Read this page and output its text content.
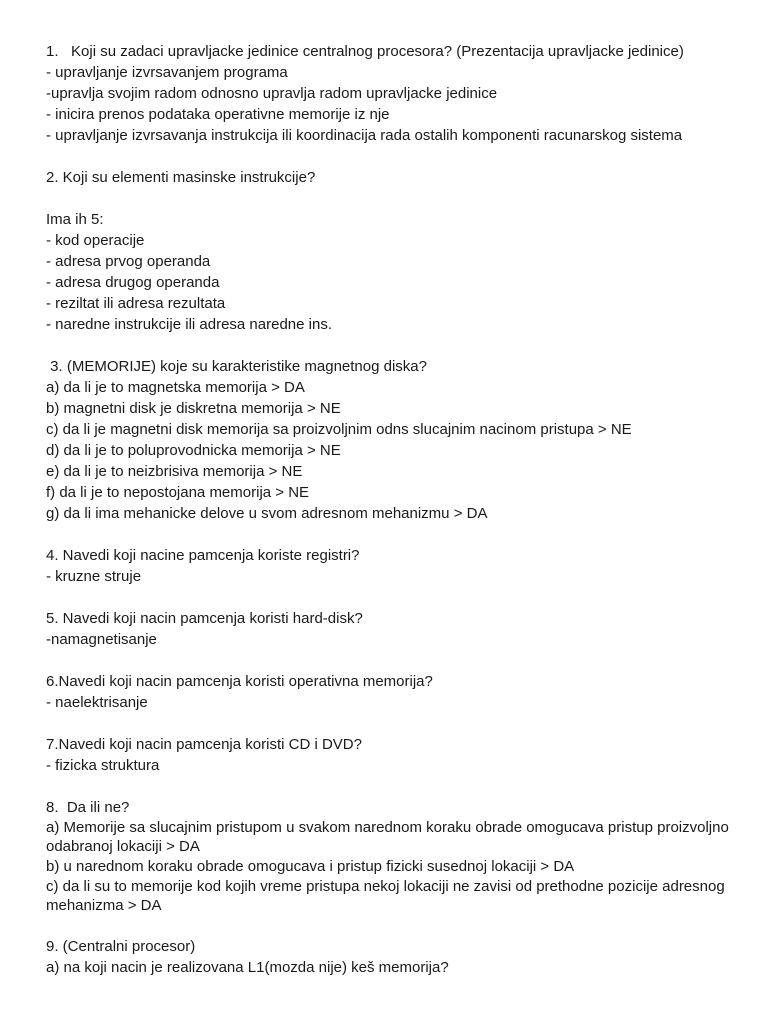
1.   Koji su zadaci upravljacke jedinice centralnog procesora? (Prezentacija upravljacke jedinice)
- upravljanje izvrsavanjem programa
-upravlja svojim radom odnosno upravlja radom upravljacke jedinice
- inicira prenos podataka operativne memorije iz nje
- upravljanje izvrsavanja instrukcija ili koordinacija rada ostalih komponenti racunarskog sistema
2. Koji su elementi masinske instrukcije?
Ima ih 5:
- kod operacije
- adresa prvog operanda
- adresa drugog operanda
- reziltat ili adresa rezultata
- naredne instrukcije ili adresa naredne ins.
3. (MEMORIJE) koje su karakteristike magnetnog diska?
a) da li je to magnetska memorija > DA
b) magnetni disk je diskretna memorija > NE
c) da li je magnetni disk memorija sa proizvoljnim odns slucajnim nacinom pristupa > NE
d) da li je to poluprovodnicka memorija > NE
e) da li je to neizbrisiva memorija > NE
f) da li je to nepostojana memorija > NE
g) da li ima mehanicke delove u svom adresnom mehanizmu > DA
4. Navedi koji nacine pamcenja koriste registri?
- kruzne struje
5. Navedi koji nacin pamcenja koristi hard-disk?
-namagnetisanje
6.Navedi koji nacin pamcenja koristi operativna memorija?
- naelektrisanje
7.Navedi koji nacin pamcenja koristi CD i DVD?
- fizicka struktura
8.  Da ili ne?
a) Memorije sa slucajnim pristupom u svakom narednom koraku obrade omogucava pristup proizvoljno odabranoj lokaciji > DA
b) u narednom koraku obrade omogucava i pristup fizicki susednoj lokaciji > DA
c) da li su to memorije kod kojih vreme pristupa nekoj lokaciji ne zavisi od prethodne pozicije adresnog mehanizma > DA
9. (Centralni procesor)
a) na koji nacin je realizovana L1(mozda nije) keš memorija?
